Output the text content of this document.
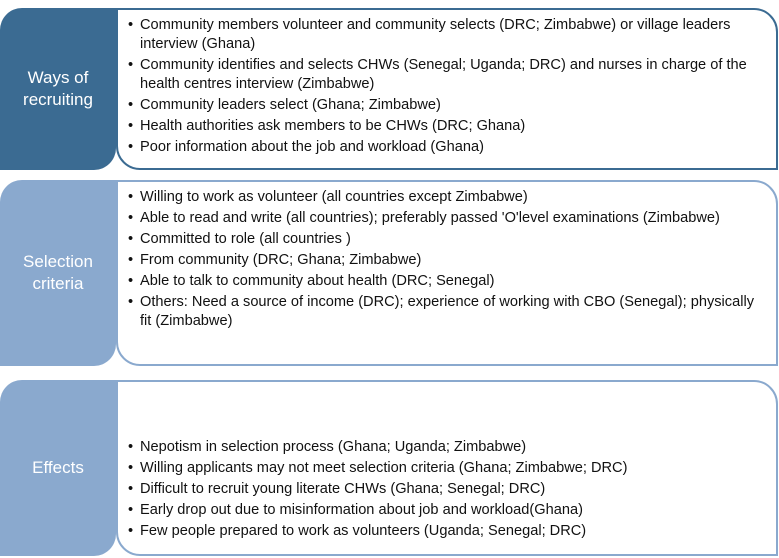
Ways of
recruiting
• Community members volunteer and community selects (DRC; Zimbabwe) or village leaders interview (Ghana)
• Community identifies and selects CHWs (Senegal; Uganda; DRC) and nurses in charge of the health centres interview (Zimbabwe)
• Community leaders select (Ghana; Zimbabwe)
• Health authorities ask members to be CHWs (DRC; Ghana)
• Poor information about the job and workload (Ghana)
Selection
criteria
• Willing to work as volunteer (all countries except Zimbabwe)
• Able to read and write (all countries); preferably passed 'O'level examinations (Zimbabwe)
• Committed to role (all countries )
• From community (DRC; Ghana; Zimbabwe)
• Able to talk to community about health (DRC; Senegal)
• Others: Need a source of income (DRC); experience of working with CBO (Senegal); physically fit (Zimbabwe)
Effects
• Nepotism in selection process (Ghana; Uganda; Zimbabwe)
• Willing applicants may not meet selection criteria (Ghana; Zimbabwe; DRC)
• Difficult to recruit young literate CHWs (Ghana; Senegal; DRC)
• Early drop out due to misinformation about job and workload(Ghana)
• Few people prepared to work as volunteers (Uganda; Senegal; DRC)
